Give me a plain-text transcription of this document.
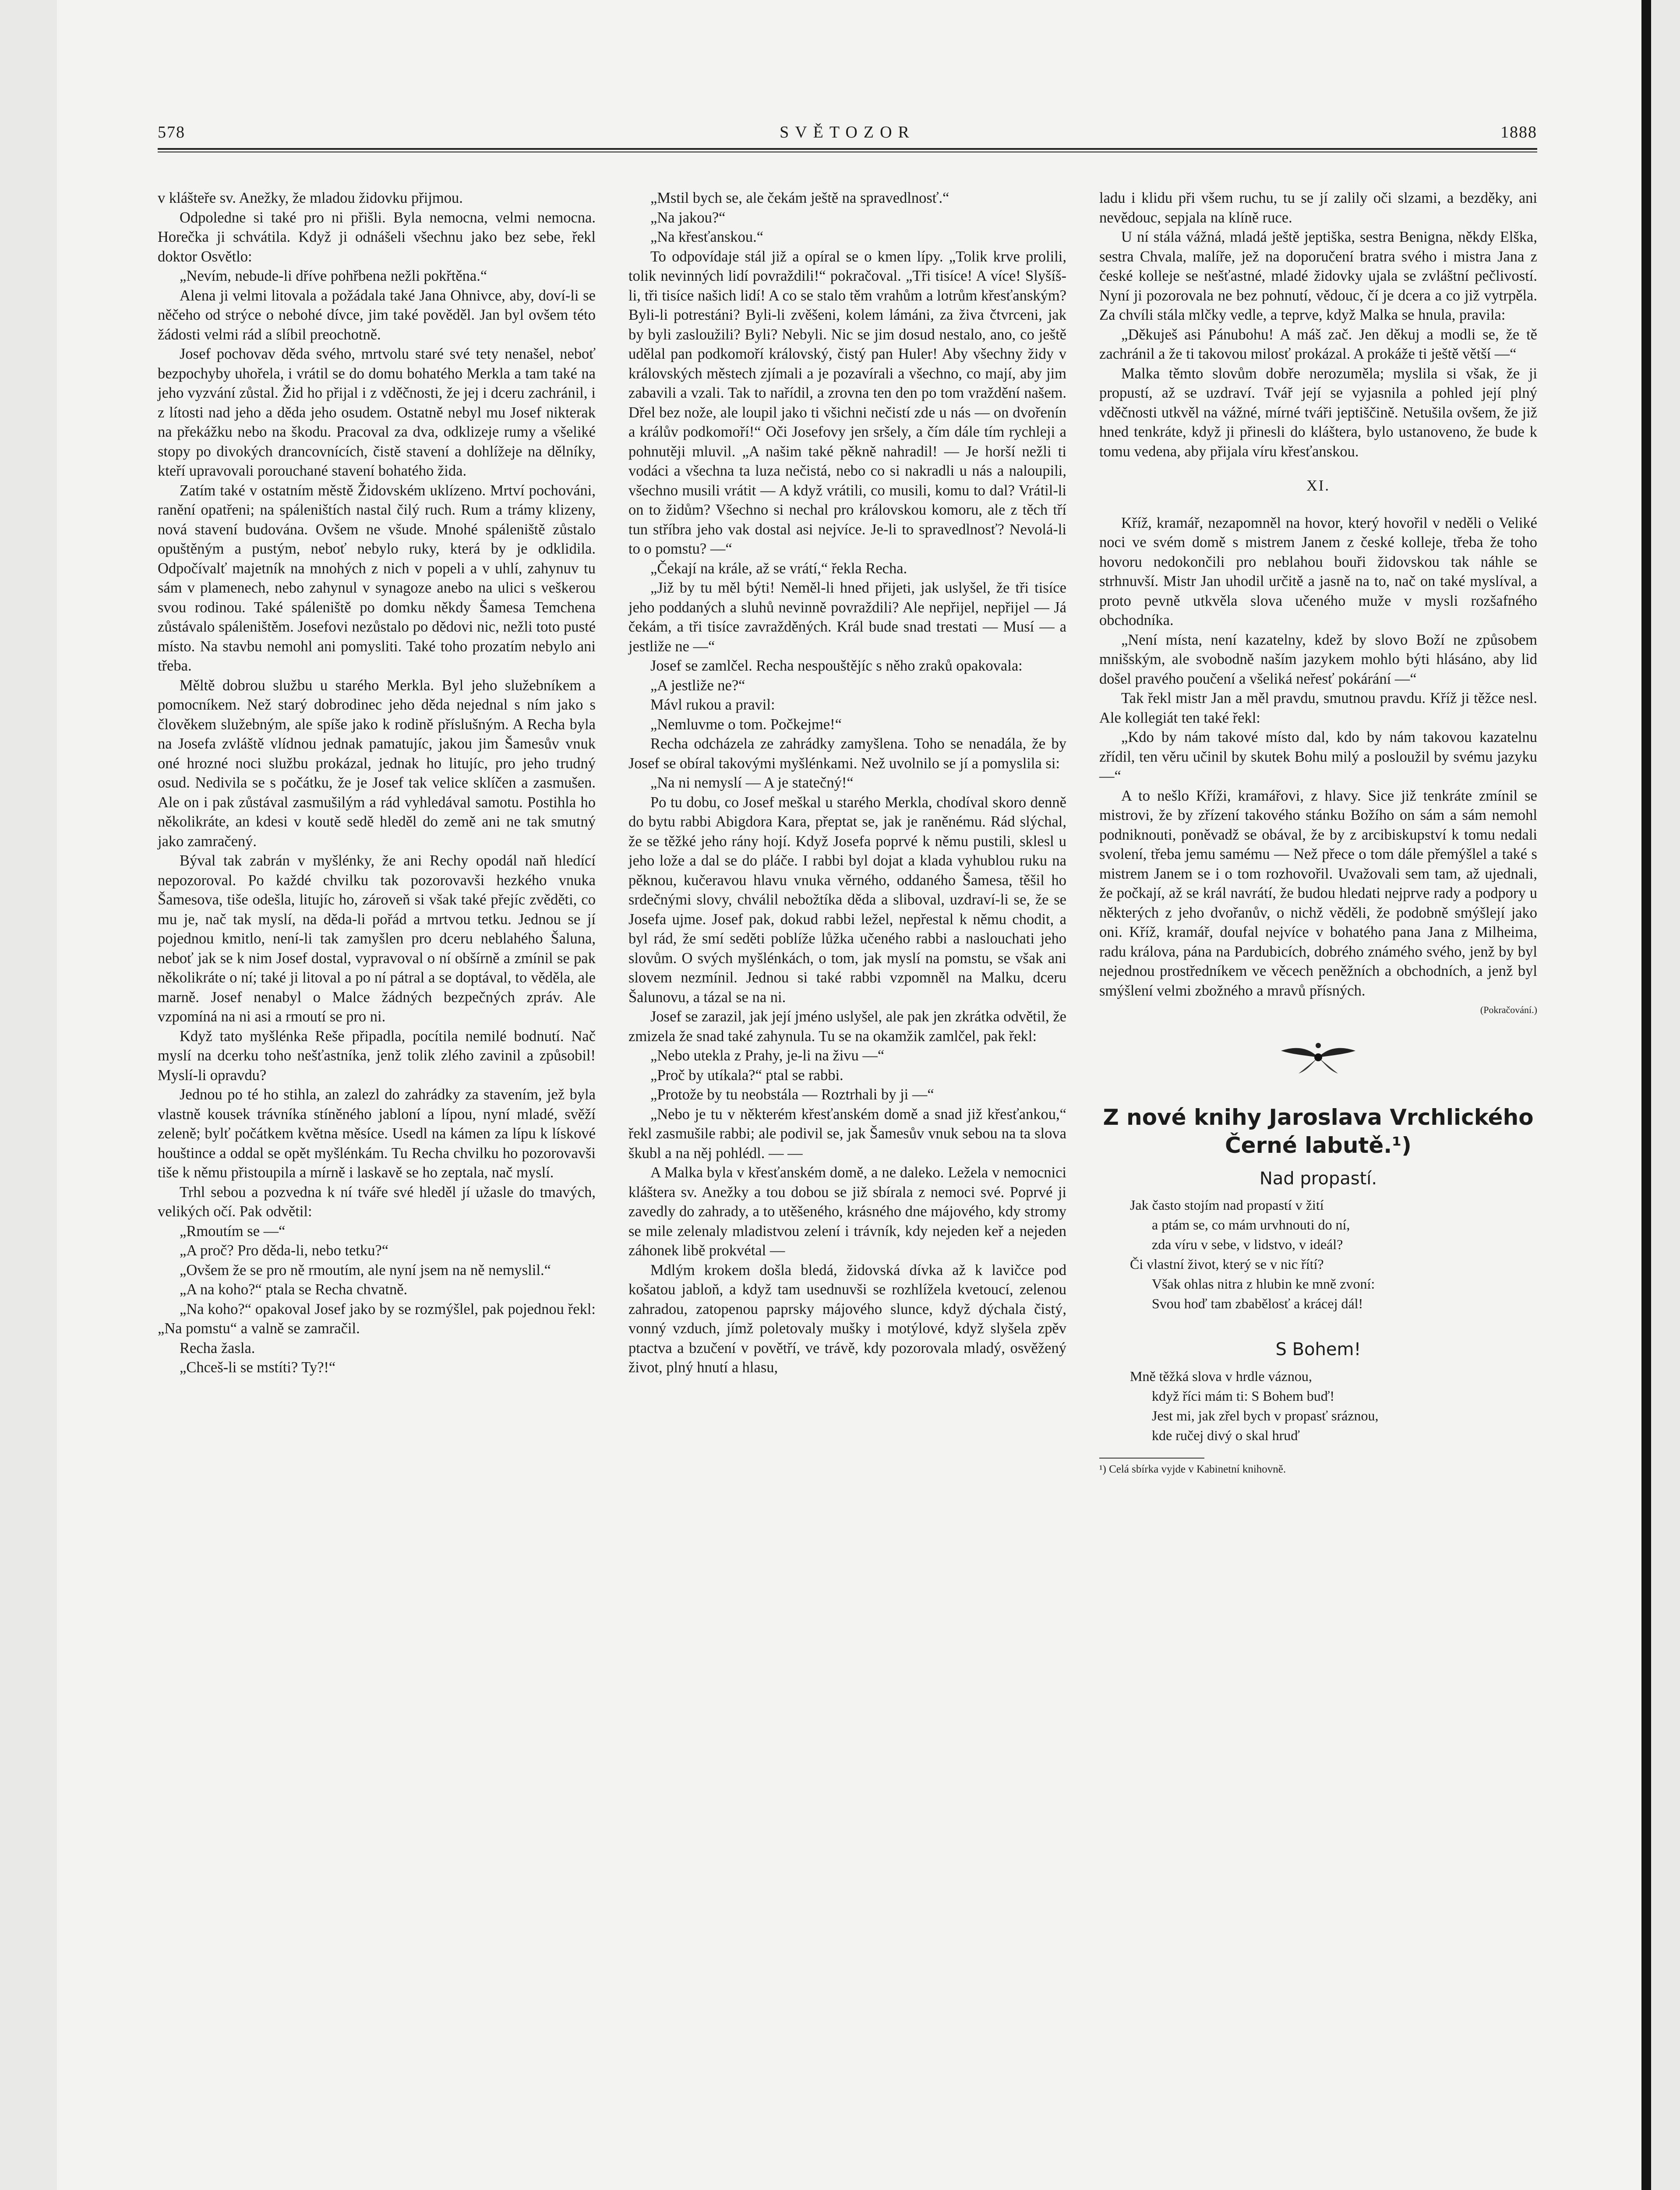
578	SVĚTOZOR	1888

v klášteře sv. Anežky, že mladou židovku přijmou.

Odpoledne si také pro ni přišli. Byla nemocna, velmi nemocna. Horečka ji schvátila. Když ji odnášeli všechnu jako bez sebe, řekl doktor Osvětlo:

„Nevím, nebude-li dříve pohřbena nežli pokřtěna.“

Alena ji velmi litovala a požádala také Jana Ohnivce, aby, doví-li se něčeho od strýce o nebohé dívce, jim také pověděl. Jan byl ovšem této žádosti velmi rád a slíbil preochotně.

Josef pochovav děda svého, mrtvolu staré své tety nenašel, neboť bezpochyby uhořela, i vrátil se do domu bohatého Merkla a tam také na jeho vyzvání zůstal. Žid ho přijal i z vděčnosti, že jej i dceru zachránil, i z lítosti nad jeho a děda jeho osudem. Ostatně nebyl mu Josef nikterak na překážku nebo na škodu. Pracoval za dva, odklizeje rumy a všeliké stopy po divokých drancovnících, čistě stavení a dohlížeje na dělníky, kteří upravovali porouchané stavení bohatého žida.

Zatím také v ostatním městě Židovském uklízeno. Mrtví pochováni, ranění opatřeni; na spáleništích nastal čilý ruch. Rum a trámy klizeny, nová stavení budována. Ovšem ne všude. Mnohé spáleniště zůstalo opuštěným a pustým, neboť nebylo ruky, která by je odklidila. Odpočívalť majetník na mnohých z nich v popeli a v uhlí, zahynuv tu sám v plamenech, nebo zahynul v synagoze anebo na ulici s veškerou svou rodinou. Také spáleniště po domku někdy Šamesa Temchena zůstávalo spáleništěm. Josefovi nezůstalo po dědovi nic, nežli toto pusté místo. Na stavbu nemohl ani pomysliti. Také toho prozatím nebylo ani třeba.

Měltě dobrou službu u starého Merkla. Byl jeho služebníkem a pomocníkem. Než starý dobrodinec jeho děda nejednal s ním jako s člověkem služebným, ale spíše jako k rodině příslušným. A Recha byla na Josefa zvláště vlídnou jednak pamatujíc, jakou jim Šamesův vnuk oné hrozné noci službu prokázal, jednak ho litujíc, pro jeho trudný osud. Nedivila se s počátku, že je Josef tak velice sklíčen a zasmušen. Ale on i pak zůstával zasmušilým a rád vyhledával samotu. Postihla ho několikráte, an kdesi v koutě sedě hleděl do země ani ne tak smutný jako zamračený.

Býval tak zabrán v myšlénky, že ani Rechy opodál naň hledící nepozoroval. Po každé chvilku tak pozorovavši hezkého vnuka Šamesova, tiše odešla, litujíc ho, zároveň si však také přejíc zvěděti, co mu je, nač tak myslí, na děda-li pořád a mrtvou tetku. Jednou se jí pojednou kmitlo, není-li tak zamyšlen pro dceru neblahého Šaluna, neboť jak se k nim Josef dostal, vypravoval o ní obšírně a zmínil se pak několikráte o ní; také ji litoval a po ní pátral a se doptával, to věděla, ale marně. Josef nenabyl o Malce žádných bezpečných zpráv. Ale vzpomíná na ni asi a rmoutí se pro ni.

Když tato myšlénka Reše připadla, pocítila nemilé bodnutí. Nač myslí na dcerku toho nešťastníka, jenž tolik zlého zavinil a způsobil! Myslí-li opravdu?

Jednou po té ho stihla, an zalezl do zahrádky za stavením, jež byla vlastně kousek trávníka stíněného jabloní a lípou, nyní mladé, svěží zeleně; bylť počátkem května měsíce. Usedl na kámen za lípu k lískové houštince a oddal se opět myšlénkám. Tu Recha chvilku ho pozorovavši tiše k němu přistoupila a mírně i laskavě se ho zeptala, nač myslí.

Trhl sebou a pozvedna k ní tváře své hleděl jí užasle do tmavých, velikých očí. Pak odvětil:

„Rmoutím se —“

„A proč? Pro děda-li, nebo tetku?“

„Ovšem že se pro ně rmoutím, ale nyní jsem na ně nemyslil.“

„A na koho?“ ptala se Recha chvatně.

„Na koho?“ opakoval Josef jako by se rozmýšlel, pak pojednou řekl: „Na pomstu“ a valně se zamračil.

Recha žasla.

„Chceš-li se mstíti? Ty?!“

„Mstil bych se, ale čekám ještě na spravedlnosť.“

„Na jakou?“

„Na křesťanskou.“

To odpovídaje stál již a opíral se o kmen lípy. „Tolik krve prolili, tolik nevinných lidí povraždili!“ pokračoval. „Tři tisíce! A více! Slyšíš-li, tři tisíce našich lidí! A co se stalo těm vrahům a lotrům křesťanským? Byli-li potrestáni? Byli-li zvěšeni, kolem lámáni, za živa čtvrceni, jak by byli zasloužili? Byli? Nebyli. Nic se jim dosud nestalo, ano, co ještě udělal pan podkomoří královský, čistý pan Huler! Aby všechny židy v královských městech zjímali a je pozavírali a všechno, co mají, aby jim zabavili a vzali. Tak to nařídil, a zrovna ten den po tom vraždění našem. Dřel bez nože, ale loupil jako ti všichni nečistí zde u nás — on dvořenín a králův podkomoří!“ Oči Josefovy jen sršely, a čím dále tím rychleji a pohnutěji mluvil. „A našim také pěkně nahradil! — Je horší nežli ti vodáci a všechna ta luza nečistá, nebo co si nakradli u nás a naloupili, všechno musili vrátit — A když vrátili, co musili, komu to dal? Vrátil-li on to židům? Všechno si nechal pro královskou komoru, ale z těch tří tun stříbra jeho vak dostal asi nejvíce. Je-li to spravedlnosť? Nevolá-li to o pomstu? —“

„Čekají na krále, až se vrátí,“ řekla Recha.

„Již by tu měl býti! Neměl-li hned přijeti, jak uslyšel, že tři tisíce jeho poddaných a sluhů nevinně povraždili? Ale nepřijel, nepřijel — Já čekám, a tři tisíce zavražděných. Král bude snad trestati — Musí — a jestliže ne —“

Josef se zamlčel. Recha nespouštějíc s něho zraků opakovala:

„A jestliže ne?“

Mávl rukou a pravil:

„Nemluvme o tom. Počkejme!“

Recha odcházela ze zahrádky zamyšlena. Toho se nenadála, že by Josef se obíral takovými myšlénkami. Než uvolnilo se jí a pomyslila si:

„Na ni nemyslí — A je statečný!“

Po tu dobu, co Josef meškal u starého Merkla, chodíval skoro denně do bytu rabbi Abigdora Kara, přeptat se, jak je raněnému. Rád slýchal, že se těžké jeho rány hojí. Když Josefa poprvé k němu pustili, sklesl u jeho lože a dal se do pláče. I rabbi byl dojat a klada vyhublou ruku na pěknou, kučeravou hlavu vnuka věrného, oddaného Šamesa, těšil ho srdečnými slovy, chválil nebožtíka děda a sliboval, uzdraví-li se, že se Josefa ujme. Josef pak, dokud rabbi ležel, nepřestal k němu chodit, a byl rád, že smí seděti poblíže lůžka učeného rabbi a naslouchati jeho slovům. O svých myšlénkách, o tom, jak myslí na pomstu, se však ani slovem nezmínil. Jednou si také rabbi vzpomněl na Malku, dceru Šalunovu, a tázal se na ni.

Josef se zarazil, jak její jméno uslyšel, ale pak jen zkrátka odvětil, že zmizela že snad také zahynula. Tu se na okamžik zamlčel, pak řekl:

„Nebo utekla z Prahy, je-li na živu —“

„Proč by utíkala?“ ptal se rabbi.

„Protože by tu neobstála — Roztrhali by ji —“

„Nebo je tu v některém křesťanském domě a snad již křesťankou,“ řekl zasmušile rabbi; ale podivil se, jak Šamesův vnuk sebou na ta slova škubl a na něj pohlédl. — —

A Malka byla v křesťanském domě, a ne daleko. Ležela v nemocnici kláštera sv. Anežky a tou dobou se již sbírala z nemoci své. Poprvé ji zavedly do zahrady, a to utěšeného, krásného dne májového, kdy stromy se mile zelenaly mladistvou zelení i trávník, kdy nejeden keř a nejeden záhonek libě prokvétal —

Mdlým krokem došla bledá, židovská dívka až k lavičce pod košatou jabloň, a když tam usednuvši se rozhlížela kvetoucí, zelenou zahradou, zatopenou paprsky májového slunce, když dýchala čistý, vonný vzduch, jímž poletovaly mušky i motýlové, když slyšela zpěv ptactva a bzučení v povětří, ve trávě, kdy pozorovala mladý, osvěžený život, plný hnutí a hlasu,

ladu i klidu při všem ruchu, tu se jí zalily oči slzami, a bezděky, ani nevědouc, sepjala na klíně ruce.

U ní stála vážná, mladá ještě jeptiška, sestra Benigna, někdy Elška, sestra Chvala, malíře, jež na doporučení bratra svého i mistra Jana z české kolleje se nešťastné, mladé židovky ujala se zvláštní pečlivostí. Nyní ji pozorovala ne bez pohnutí, vědouc, čí je dcera a co již vytrpěla. Za chvíli stála mlčky vedle, a teprve, když Malka se hnula, pravila:

„Děkuješ asi Pánubohu! A máš zač. Jen děkuj a modli se, že tě zachránil a že ti takovou milosť prokázal. A prokáže ti ještě větší —“

Malka těmto slovům dobře nerozuměla; myslila si však, že ji propustí, až se uzdraví. Tvář její se vyjasnila a pohled její plný vděčnosti utkvěl na vážné, mírné tváři jeptiščině. Netušila ovšem, že již hned tenkráte, když ji přinesli do kláštera, bylo ustanoveno, že bude k tomu vedena, aby přijala víru křesťanskou.

XI.

Kříž, kramář, nezapomněl na hovor, který hovořil v neděli o Veliké noci ve svém domě s mistrem Janem z české kolleje, třeba že toho hovoru nedokončili pro neblahou bouři židovskou tak náhle se strhnuvší. Mistr Jan uhodil určitě a jasně na to, nač on také myslíval, a proto pevně utkvěla slova učeného muže v mysli rozšafného obchodníka.

„Není místa, není kazatelny, kdež by slovo Boží ne způsobem mnišským, ale svobodně naším jazykem mohlo býti hlásáno, aby lid došel pravého poučení a všeliká neřesť pokárání —“

Tak řekl mistr Jan a měl pravdu, smutnou pravdu. Kříž ji těžce nesl. Ale kollegiát ten také řekl:

„Kdo by nám takové místo dal, kdo by nám takovou kazatelnu zřídil, ten věru učinil by skutek Bohu milý a posloužil by svému jazyku —“

A to nešlo Kříži, kramářovi, z hlavy. Sice již tenkráte zmínil se mistrovi, že by zřízení takového stánku Božího on sám a sám nemohl podniknouti, poněvadž se obával, že by z arcibiskupství k tomu nedali svolení, třeba jemu samému — Než přece o tom dále přemýšlel a také s mistrem Janem se i o tom rozhovořil. Uvažovali sem tam, až ujednali, že počkají, až se král navrátí, že budou hledati nejprve rady a podpory u některých z jeho dvořanův, o nichž věděli, že podobně smýšlejí jako oni. Kříž, kramář, doufal nejvíce v bohatého pana Jana z Milheima, radu králova, pána na Pardubicích, dobrého známého svého, jenž by byl nejednou prostředníkem ve věcech peněžních a obchodních, a jenž byl smýšlení velmi zbožného a mravů přísných.

(Pokračování.)

Z nové knihy Jaroslava Vrchlického Černé labutě.¹)
Nad propastí.
Jak často stojím nad propastí v žití
a ptám se, co mám urvhnouti do ní,
zda víru v sebe, v lidstvo, v ideál?
Či vlastní život, který se v nic řítí?
Však ohlas nitra z hlubin ke mně zvoní:
Svou hoď tam zbabělosť a krácej dál!
S Bohem!
Mně těžká slova v hrdle váznou,
když říci mám ti: S Bohem buď!
Jest mi, jak zřel bych v propasť sráznou,
kde ručej divý o skal hruď

¹) Celá sbírka vyjde v Kabinetní knihovně.
